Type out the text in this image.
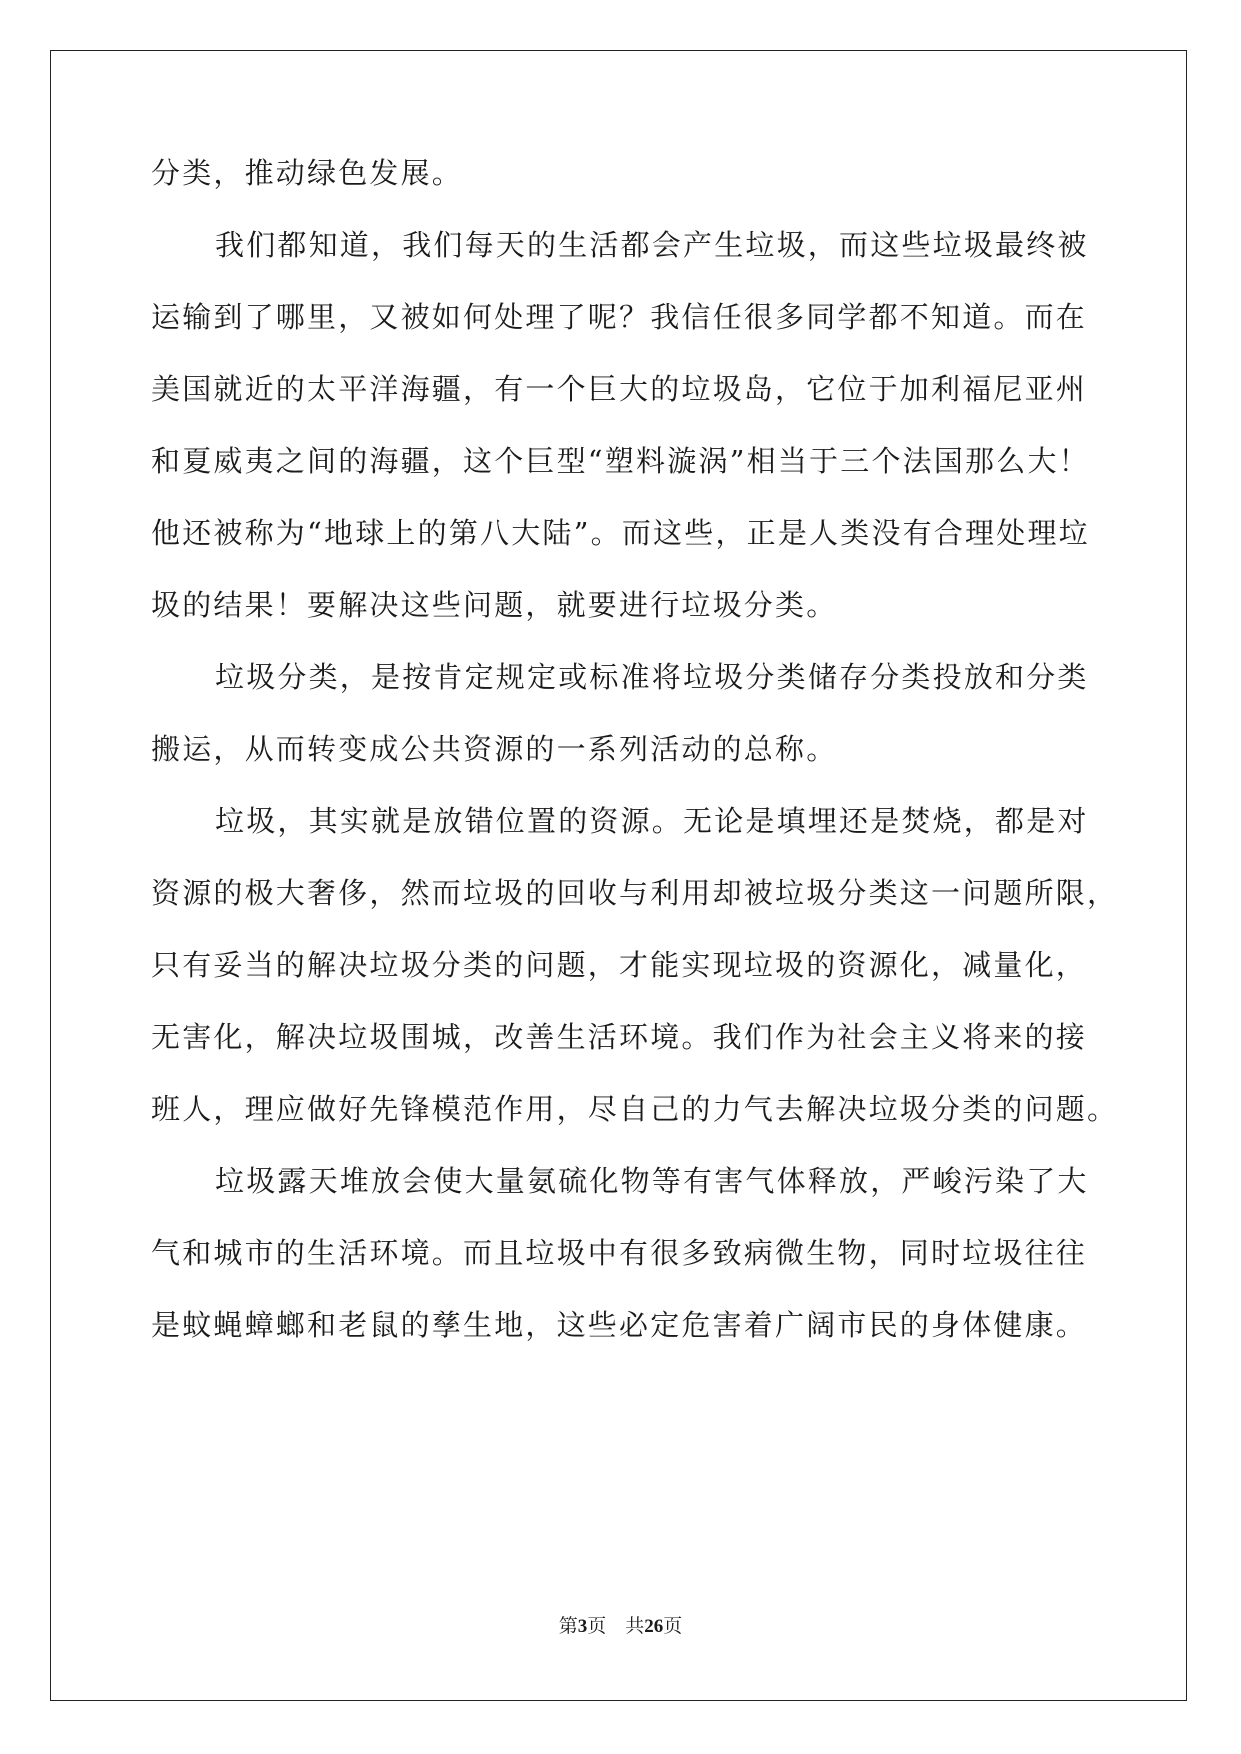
分类，推动绿色发展。
我们都知道，我们每天的生活都会产生垃圾，而这些垃圾最终被
运输到了哪里，又被如何处理了呢？我信任很多同学都不知道。而在
美国就近的太平洋海疆，有一个巨大的垃圾岛，它位于加利福尼亚州
和夏威夷之间的海疆，这个巨型“塑料漩涡”相当于三个法国那么大！
他还被称为“地球上的第八大陆”。而这些，正是人类没有合理处理垃
圾的结果！要解决这些问题，就要进行垃圾分类。
垃圾分类，是按肯定规定或标准将垃圾分类储存分类投放和分类
搬运，从而转变成公共资源的一系列活动的总称。
垃圾，其实就是放错位置的资源。无论是填埋还是焚烧，都是对
资源的极大奢侈，然而垃圾的回收与利用却被垃圾分类这一问题所限，
只有妥当的解决垃圾分类的问题，才能实现垃圾的资源化，减量化，
无害化，解决垃圾围城，改善生活环境。我们作为社会主义将来的接
班人，理应做好先锋模范作用，尽自己的力气去解决垃圾分类的问题。
垃圾露天堆放会使大量氨硫化物等有害气体释放，严峻污染了大
气和城市的生活环境。而且垃圾中有很多致病微生物，同时垃圾往往
是蚊蝇蟑螂和老鼠的孳生地，这些必定危害着广阔市民的身体健康。
第3页 共26页
